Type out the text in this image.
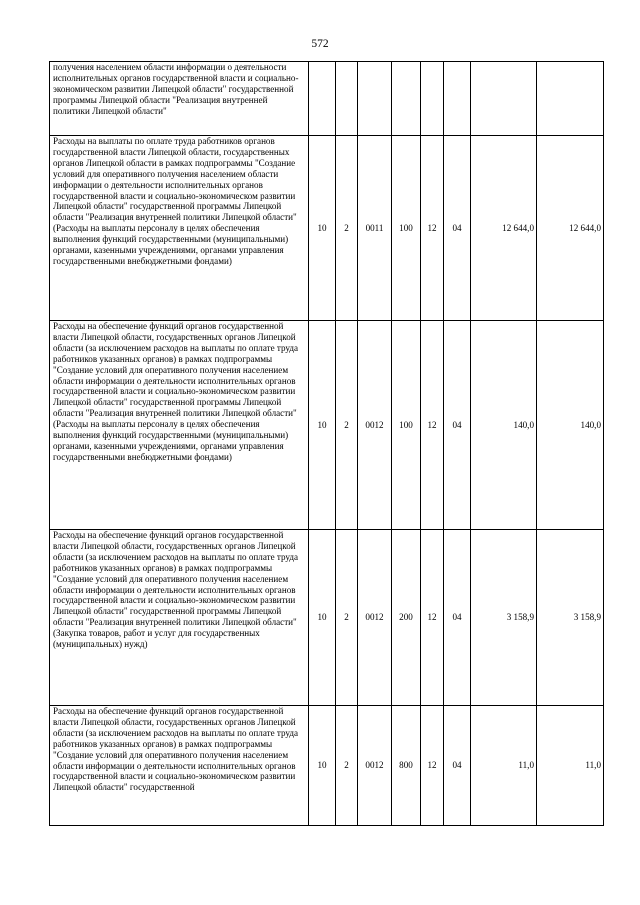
572
получения населением области информации о деятельности исполнительных органов государственной власти и социально-экономическом развитии Липецкой области" государственной программы Липецкой области "Реализация внутренней политики Липецкой области"								
Расходы на выплаты по оплате труда работников органов государственной власти Липецкой области, государственных органов Липецкой области в рамках подпрограммы "Создание условий для оперативного получения населением области информации о деятельности исполнительных органов государственной власти и социально-экономическом развитии Липецкой области" государственной программы Липецкой области "Реализация внутренней политики Липецкой области" (Расходы на выплаты персоналу в целях обеспечения выполнения функций государственными (муниципальными) органами, казенными учреждениями, органами управления государственными внебюджетными фондами)	10	2	0011	100	12	04	12 644,0	12 644,0
Расходы на обеспечение функций органов государственной власти Липецкой области, государственных органов Липецкой области (за исключением расходов на выплаты по оплате труда работников указанных органов) в рамках подпрограммы "Создание условий для оперативного получения населением области информации о деятельности исполнительных органов государственной власти и социально-экономическом развитии Липецкой области" государственной программы Липецкой области "Реализация внутренней политики Липецкой области" (Расходы на выплаты персоналу в целях обеспечения выполнения функций государственными (муниципальными) органами, казенными учреждениями, органами управления государственными внебюджетными фондами)	10	2	0012	100	12	04	140,0	140,0
Расходы на обеспечение функций органов государственной власти Липецкой области, государственных органов Липецкой области (за исключением расходов на выплаты по оплате труда работников указанных органов) в рамках подпрограммы "Создание условий для оперативного получения населением области информации о деятельности исполнительных органов государственной власти и социально-экономическом развитии Липецкой области" государственной программы Липецкой области "Реализация внутренней политики Липецкой области" (Закупка товаров, работ и услуг для государственных (муниципальных) нужд)	10	2	0012	200	12	04	3 158,9	3 158,9
Расходы на обеспечение функций органов государственной власти Липецкой области, государственных органов Липецкой области (за исключением расходов на выплаты по оплате труда работников указанных органов) в рамках подпрограммы "Создание условий для оперативного получения населением области информации о деятельности исполнительных органов государственной власти и социально-экономическом развитии Липецкой области" государственной	10	2	0012	800	12	04	11,0	11,0
